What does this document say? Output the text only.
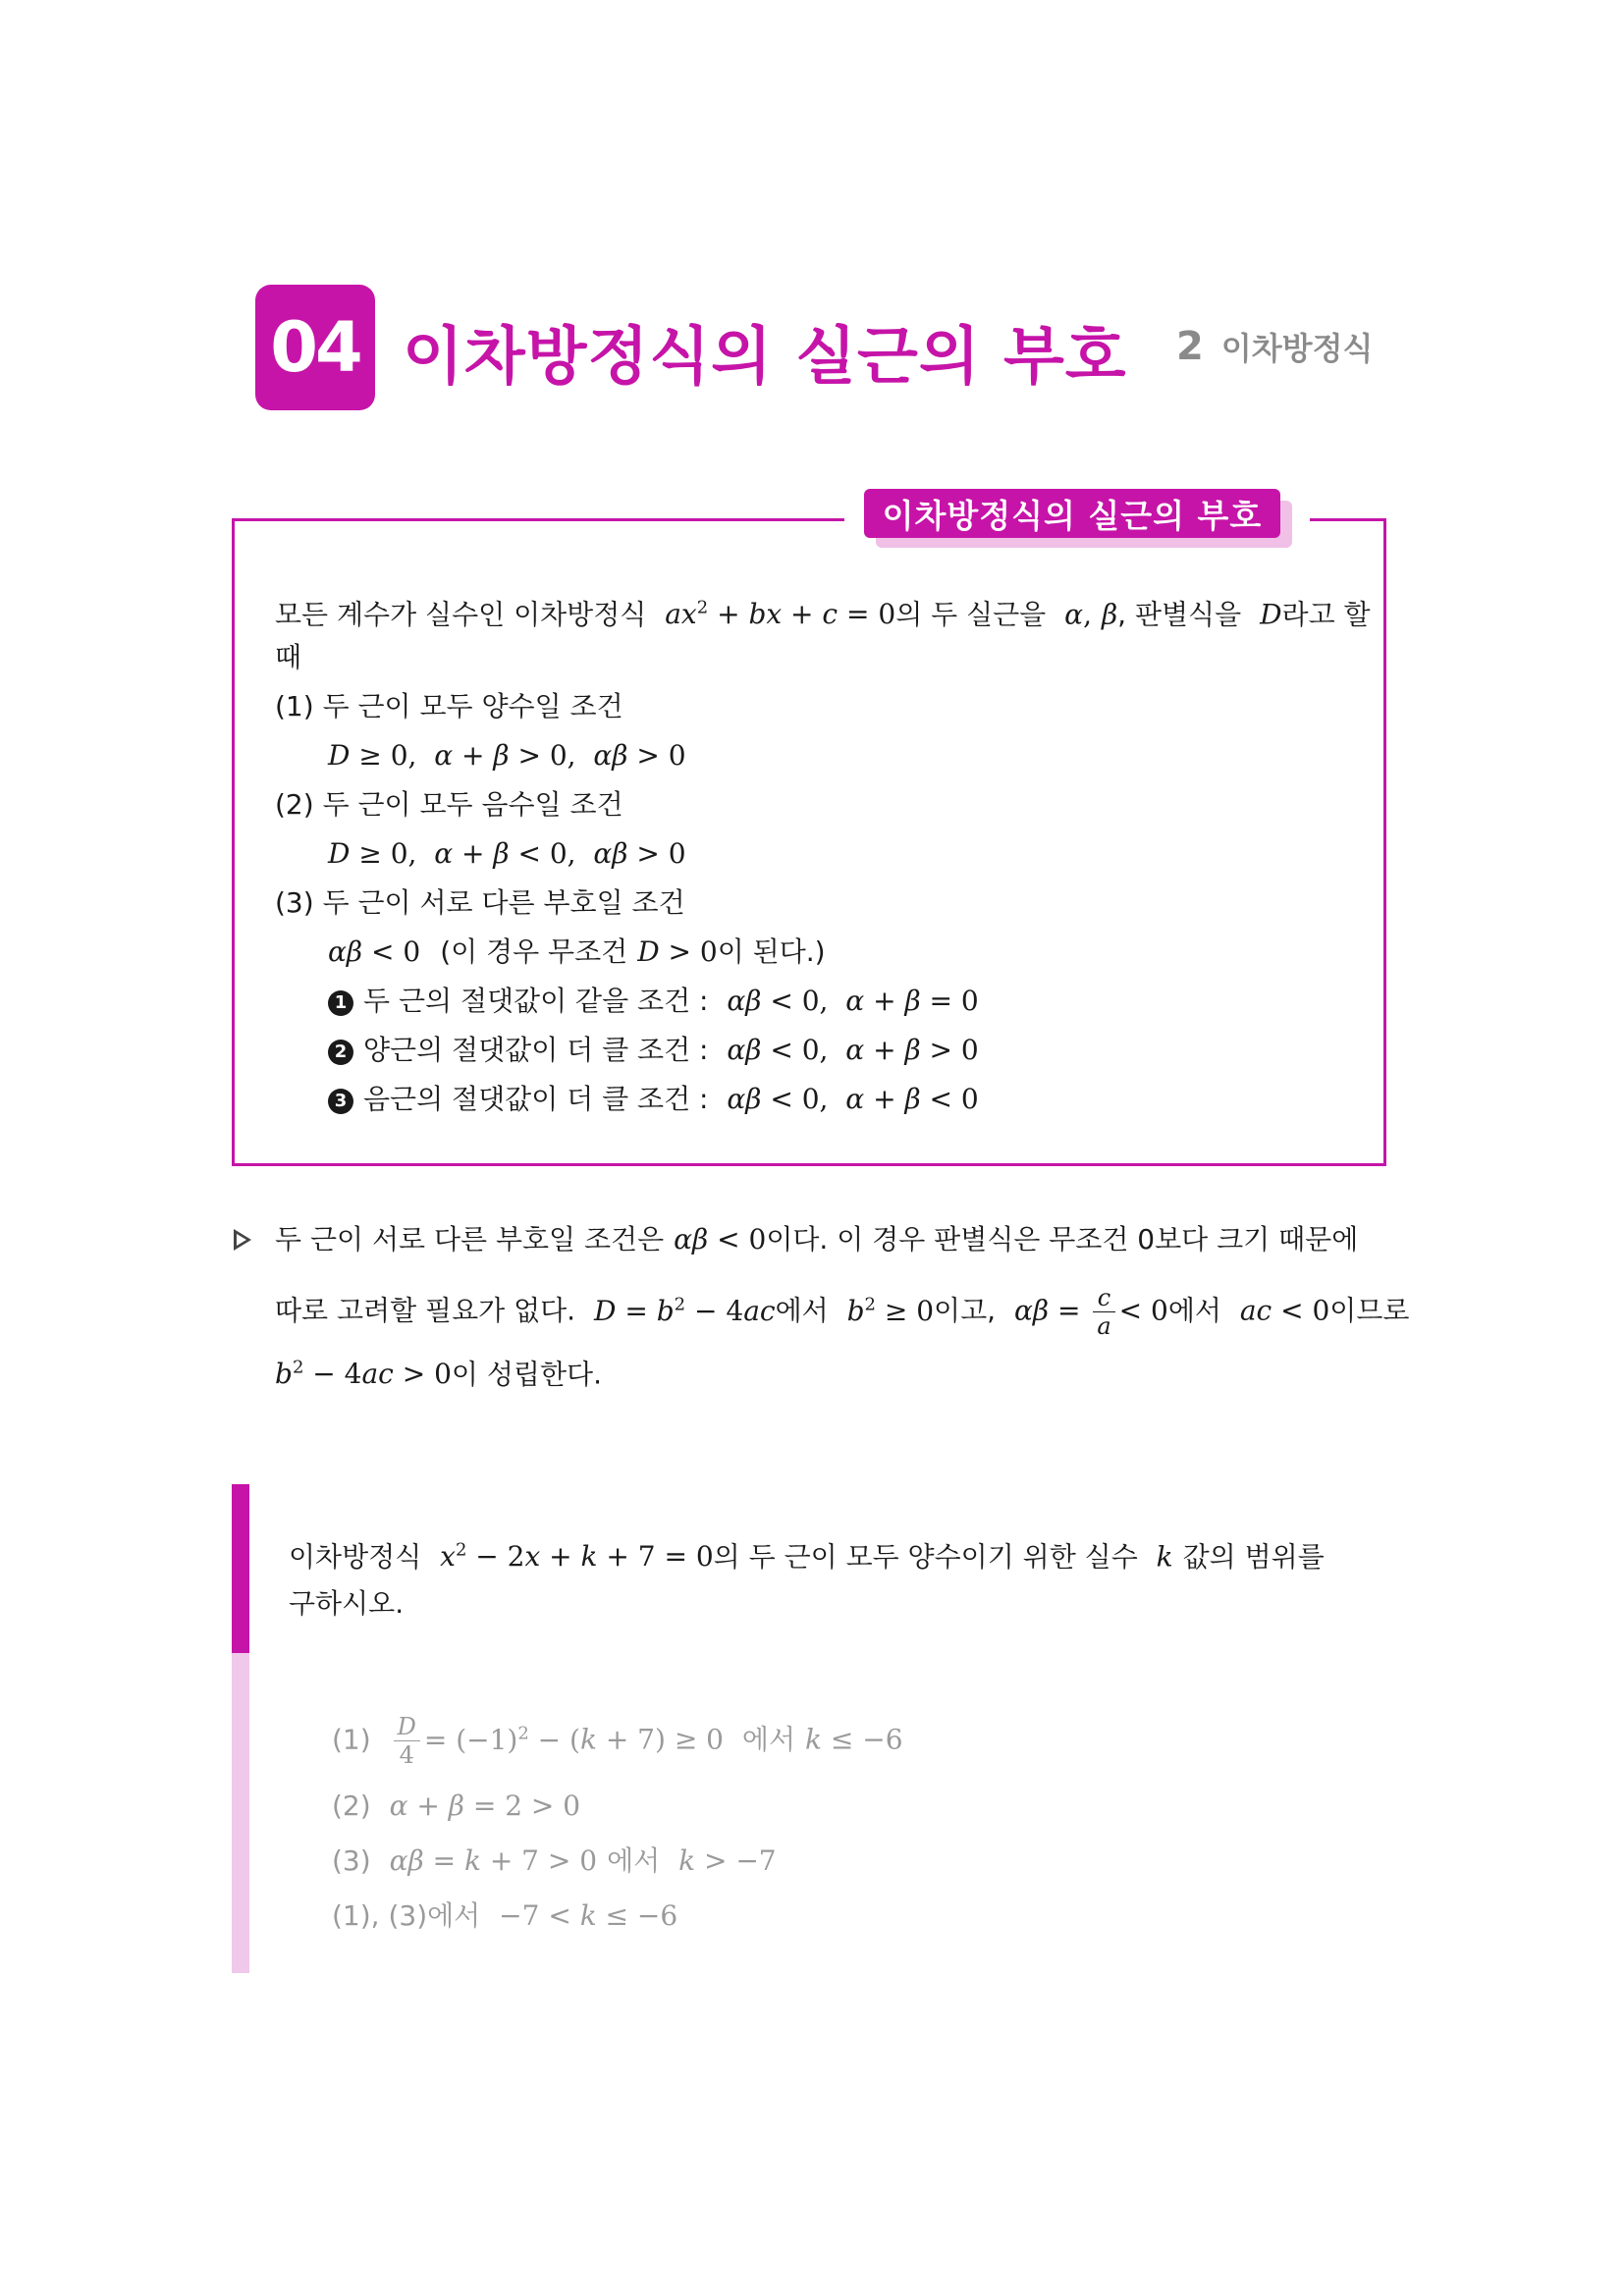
04 이차방정식의 실근의 부호 2 이차방정식
이차방정식의 실근의 부호
모든 계수가 실수인 이차방정식 $ax^2$ + bx + c = 0의 두 실근을 α, β, 판별식을 D라고 할
때
(1) 두 근이 모두 양수일 조건
D ≥ 0,  α + β > 0,  αβ > 0
(2) 두 근이 모두 음수일 조건
D ≥ 0,  α + β < 0,  αβ > 0
(3) 두 근이 서로 다른 부호일 조건
αβ < 0 (이 경우 무조건 D > 0이 된다.)
1 두 근의 절댓값이 같을 조건 : αβ < 0,  α + β = 0
2 양근의 절댓값이 더 클 조건 : αβ < 0,  α + β > 0
3 음근의 절댓값이 더 클 조건 : αβ < 0,  α + β < 0
두 근이 서로 다른 부호일 조건은 αβ < 0이다. 이 경우 판별식은 무조건 0보다 크기 때문에
따로 고려할 필요가 없다. $D = b^2 - 4ac$에서 $b^2 \ge 0$이고, $\alpha\beta = \frac{c}{a} < 0$에서 ac < 0이므로
$b^2 - 4ac > 0$이 성립한다.
이차방정식 $x^2 - 2x + k + 7 = 0$의 두 근이 모두 양수이기 위한 실수 k 값의 범위를
구하시오.
$(1) \frac{D}{4} = (-1)^2 - (k + 7) \ge 0$ 에서 k ≤ −6
(2) α + β = 2 > 0
(3) αβ = k + 7 > 0 에서 k > −7
(1), (3)에서 −7 < k ≤ −6
